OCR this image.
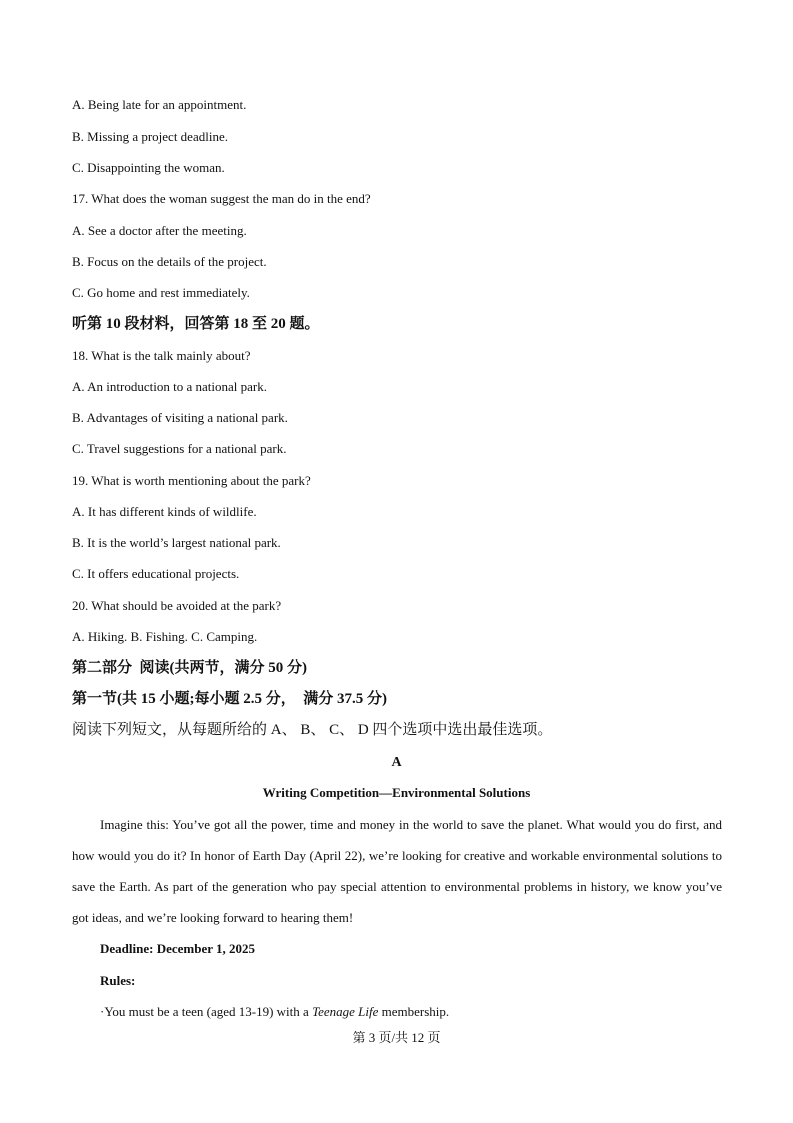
A. Being late for an appointment.
B. Missing a project deadline.
C. Disappointing the woman.
17. What does the woman suggest the man do in the end?
A. See a doctor after the meeting.
B. Focus on the details of the project.
C. Go home and rest immediately.
听第 10 段材料，回答第 18 至 20 题。
18. What is the talk mainly about?
A. An introduction to a national park.
B. Advantages of visiting a national park.
C. Travel suggestions for a national park.
19. What is worth mentioning about the park?
A. It has different kinds of wildlife.
B. It is the world’s largest national park.
C. It offers educational projects.
20. What should be avoided at the park?
A. Hiking. B. Fishing. C. Camping.
第二部分  阅读(共两节，满分 50 分)
第一节(共 15 小题;每小题 2.5 分，  满分 37.5 分)
阅读下列短文，从每题所给的 A、 B、 C、 D 四个选项中选出最佳选项。
A
Writing Competition—Environmental Solutions

Imagine this: You’ve got all the power, time and money in the world to save the planet. What would you do first, and how would you do it? In honor of Earth Day (April 22), we’re looking for creative and workable environmental solutions to save the Earth. As part of the generation who pay special attention to environmental problems in history, we know you’ve got ideas, and we’re looking forward to hearing them!

Deadline: December 1, 2025
Rules:
·You must be a teen (aged 13-19) with a Teenage Life membership.
第 3 页/共 12 页
